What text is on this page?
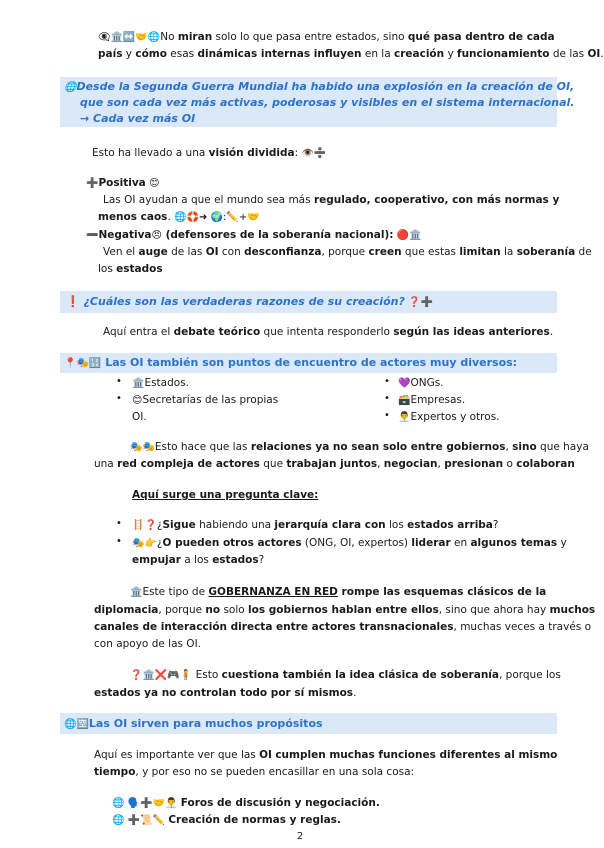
👁️‍🗨️🏛️↔️🤝🌐No miran solo lo que pasa entre estados, sino qué pasa dentro de cada
país y cómo esas dinámicas internas influyen en la creación y funcionamiento de las OI.
🌐Desde la Segunda Guerra Mundial ha habido una explosión en la creación de OI,
que son cada vez más activas, poderosas y visibles en el sistema internacional.
→ Cada vez más OI
Esto ha llevado a una visión dividida: 👁️➗
➕Positiva 😊
Las OI ayudan a que el mundo sea más regulado, cooperativo, con más normas y
menos caos. 🌐🛟➜ 🌍:✏️+🤝
➖Negativa😠 (defensores de la soberanía nacional): 🔴🏛️
Ven el auge de las OI con desconfianza, porque creen que estas limitan la soberanía de
los estados
❗ ¿Cuáles son las verdaderas razones de su creación? ❓➕
Aquí entra el debate teórico que intenta responderlo según las ideas anteriores.
📍🎭🔢 Las OI también son puntos de encuentro de actores muy diversos:
• 🏛️Estados.
• 😊Secretarías de las propias
OI.
• 💜ONGs.
• 🗃️Empresas.
• 👨‍💼Expertos y otros.
🎭🎭Esto hace que las relaciones ya no sean solo entre gobiernos, sino que haya
una red compleja de actores que trabajan juntos, negocian, presionan o colaboran
Aquí surge una pregunta clave:
• 🪜❓¿Sigue habiendo una jerarquía clara con los estados arriba?
• 🎭👉¿O pueden otros actores (ONG, OI, expertos) liderar en algunos temas y
empujar a los estados?
🏛️Este tipo de GOBERNANZA EN RED rompe las esquemas clásicos de la
diplomacia, porque no solo los gobiernos hablan entre ellos, sino que ahora hay muchos
canales de interacción directa entre actores transnacionales, muchas veces a través o
con apoyo de las OI.
❓🏛️❌🎮🧍 Esto cuestiona también la idea clásica de soberanía, porque los
estados ya no controlan todo por sí mismos.
🌐🈳Las OI sirven para muchos propósitos
Aquí es importante ver que las OI cumplen muchas funciones diferentes al mismo
tiempo, y por eso no se pueden encasillar en una sola cosa:
🌐 🗣️➕🤝👨‍💼 Foros de discusión y negociación.
🌐 ➕📜✏️ Creación de normas y reglas.
2
